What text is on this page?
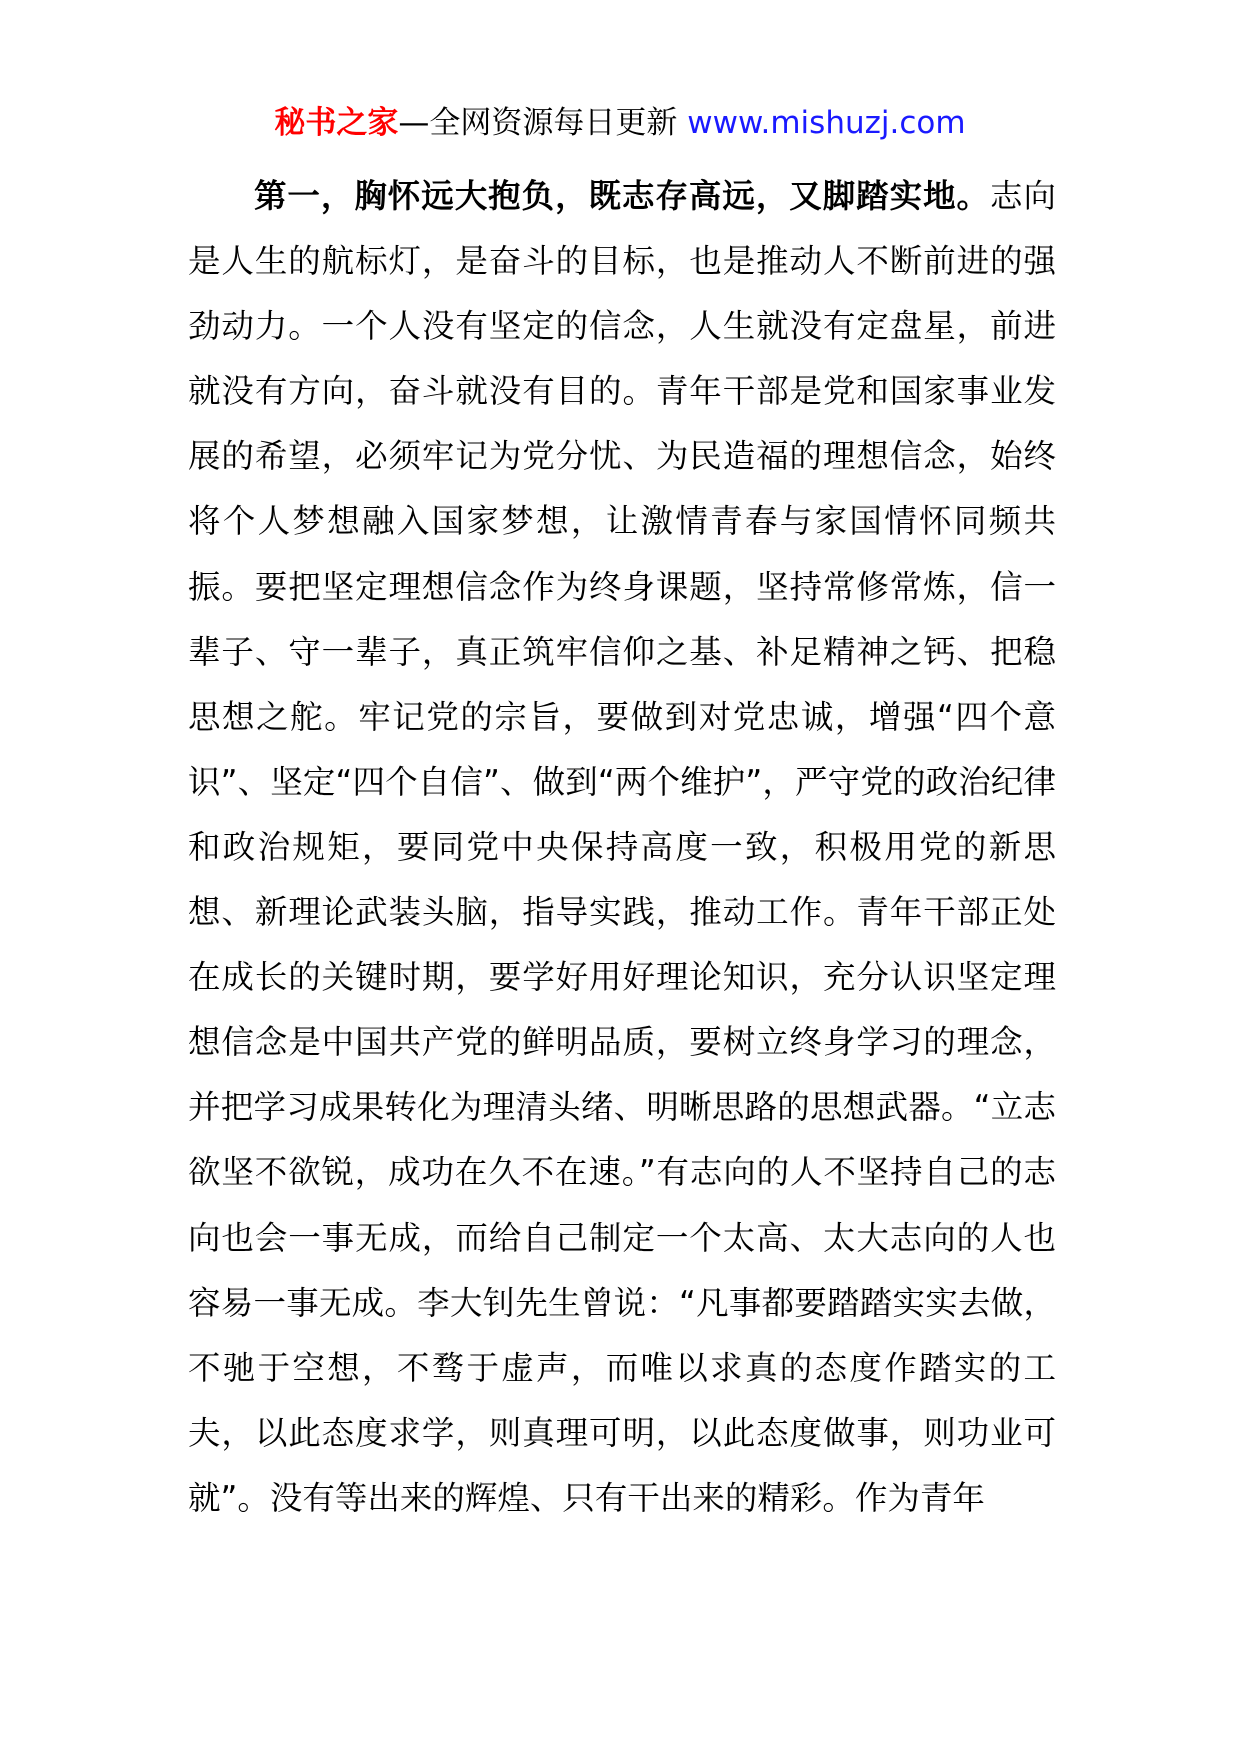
秘书之家—全网资源每日更新 www.mishuzj.com
第一，胸怀远大抱负，既志存高远，又脚踏实地。志向是人生的航标灯，是奋斗的目标，也是推动人不断前进的强劲动力。一个人没有坚定的信念，人生就没有定盘星，前进就没有方向，奋斗就没有目的。青年干部是党和国家事业发展的希望，必须牢记为党分忧、为民造福的理想信念，始终将个人梦想融入国家梦想，让激情青春与家国情怀同频共振。要把坚定理想信念作为终身课题，坚持常修常炼，信一辈子、守一辈子，真正筑牢信仰之基、补足精神之钙、把稳思想之舵。牢记党的宗旨，要做到对党忠诚，增强“四个意识”、坚定“四个自信”、做到“两个维护”，严守党的政治纪律和政治规矩，要同党中央保持高度一致，积极用党的新思想、新理论武装头脑，指导实践，推动工作。青年干部正处在成长的关键时期，要学好用好理论知识，充分认识坚定理想信念是中国共产党的鲜明品质，要树立终身学习的理念，并把学习成果转化为理清头绪、明晰思路的思想武器。“立志欲坚不欲锐，成功在久不在速。”有志向的人不坚持自己的志向也会一事无成，而给自己制定一个太高、太大志向的人也容易一事无成。李大钊先生曾说：“凡事都要踏踏实实去做，不驰于空想，不骛于虚声，而唯以求真的态度作踏实的工夫，以此态度求学，则真理可明，以此态度做事，则功业可就”。没有等出来的辉煌、只有干出来的精彩。作为青年
